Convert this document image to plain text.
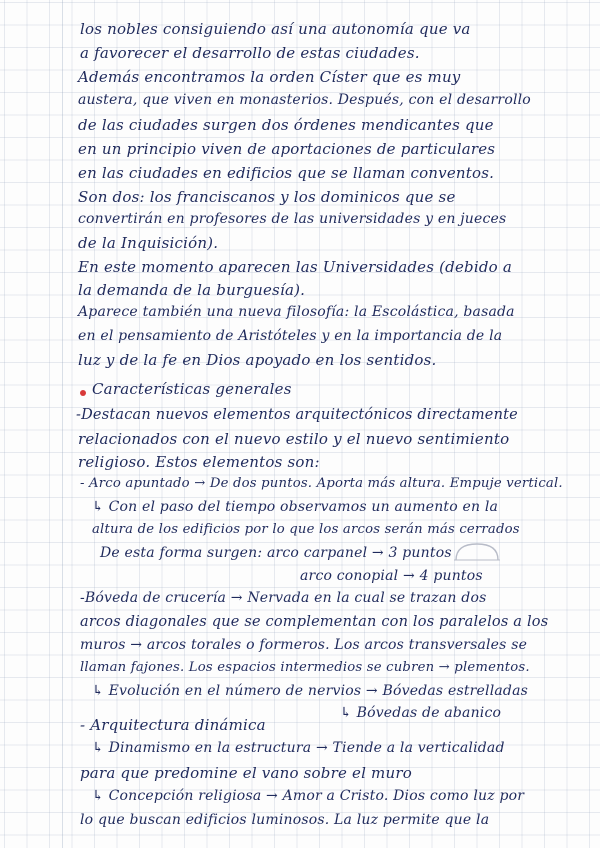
los nobles consiguiendo así una autonomía que va
a favorecer el desarrollo de estas ciudades.
Además encontramos la orden Císter que es muy
austera, que viven en monasterios. Después, con el desarrollo
de las ciudades surgen dos órdenes mendicantes que
en un principio viven de aportaciones de particulares
en las ciudades en edificios que se llaman conventos.
Son dos: los franciscanos y los dominicos que se
convertirán en profesores de las universidades y en jueces
de la Inquisición).
En este momento aparecen las Universidades (debido a
la demanda de la burguesía).
Aparece también una nueva filosofía: la Escolástica, basada
en el pensamiento de Aristóteles y en la importancia de la
luz y de la fe en Dios apoyado en los sentidos.
Características generales
-Destacan nuevos elementos arquitectónicos directamente
relacionados con el nuevo estilo y el nuevo sentimiento
religioso. Estos elementos son:
- Arco apuntado → De dos puntos. Aporta más altura. Empuje vertical.
↳ Con el paso del tiempo observamos un aumento en la
altura de los edificios por lo que los arcos serán más cerrados
De esta forma surgen: arco carpanel → 3 puntos
arco conopial → 4 puntos
-Bóveda de crucería → Nervada en la cual se trazan dos
arcos diagonales que se complementan con los paralelos a los
muros → arcos torales o formeros. Los arcos transversales se
llaman fajones. Los espacios intermedios se cubren → plementos.
↳ Evolución en el número de nervios → Bóvedas estrelladas
↳ Bóvedas de abanico
- Arquitectura dinámica
↳ Dinamismo en la estructura → Tiende a la verticalidad
para que predomine el vano sobre el muro
↳ Concepción religiosa → Amor a Cristo. Dios como luz por
lo que buscan edificios luminosos. La luz permite que la
